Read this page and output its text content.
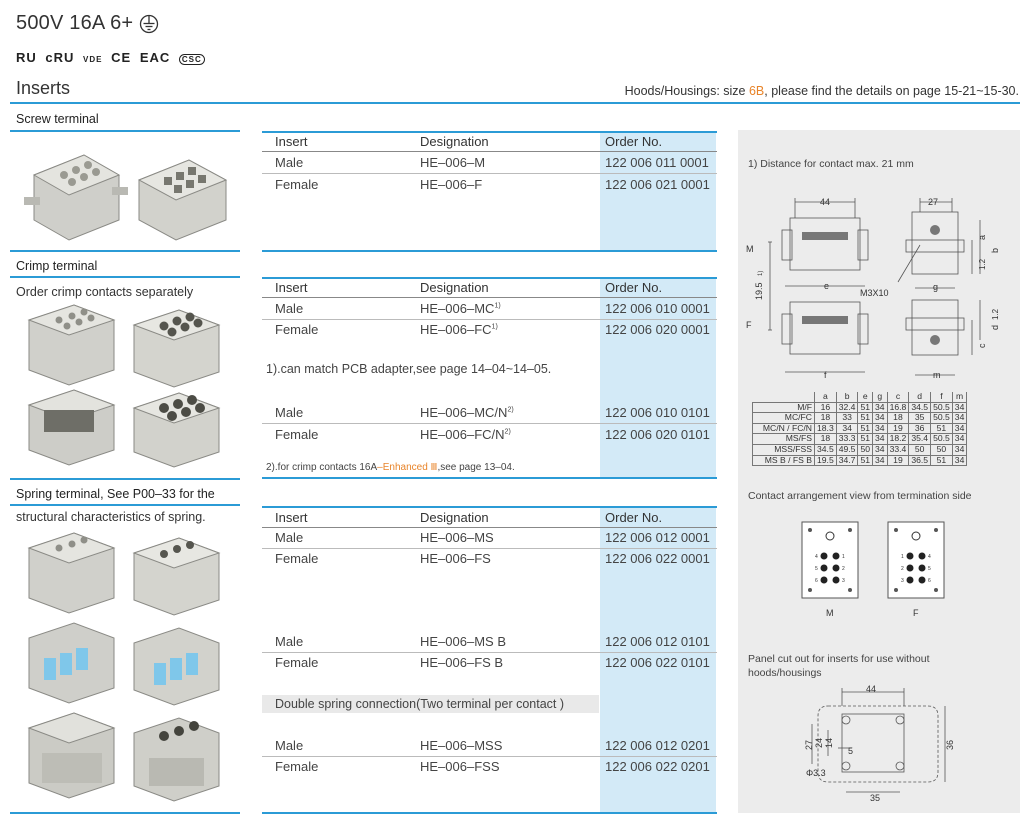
500V 16A 6+
RU cRU VDE CE EAC CSC
Inserts	Hoods/Housings: size 6B, please find the details on page 15-21~15-30.
Screw terminal
Crimp terminal
Order crimp contacts separately
Spring terminal, See P00–33 for the
structural characteristics of spring.
Insert	Designation	Order No.
Male	HE–006–M	122 006 011 0001
Female	HE–006–F	122 006 021 0001
Insert	Designation	Order No.
Male	HE–006–MC$^{1)}$	122 006 010 0001
Female	HE–006–FC$^{1)}$	122 006 020 0001
1).can match PCB adapter,see page 14–04~14–05.
Male	$HE-006-MC/N^{2)}$	122 006 010 0101
Female	$HE-006-FC/N^{2)}$	122 006 020 0101
2).for crimp contacts 16A–Enhanced Ⅲ,see page 13–04.
Insert	Designation	Order No.
Male	HE–006–MS	122 006 012 0001
Female	HE–006–FS	122 006 022 0001
Male	HE–006–MS B	122 006 012 0101
Female	HE–006–FS B	122 006 022 0101
Double spring connection(Two terminal per contact )
Male	HE–006–MSS	122 006 012 0201
Female	HE–006–FSS	122 006 022 0201
1) Distance for contact max. 21 mm
M
F
44	27
19.5
1)
e
M3X10
g
b
a
1.2
1.2
d
c
f	m
	a	b	e	g	c	d	f	m
M/F	16	32.4	51	34	16.8	34.5	50.5	34
MC/FC	18	33	51	34	18	35	50.5	34
MC/N / FC/N	18.3	34	51	34	19	36	51	34
MS/FS	18	33.3	51	34	18.2	35.4	50.5	34
MSS/FSS	34.5	49.5	50	34	33.4	50	50	34
MS B / FS B	19.5	34.7	51	34	19	36.5	51	34
Contact arrangement view from termination side
4	1
5	2
6	3
1	4
2	5
3	6
M	F
Panel cut out for inserts for use without
hoods/housings
44
36
27 24 14
5
Φ3.3
35
